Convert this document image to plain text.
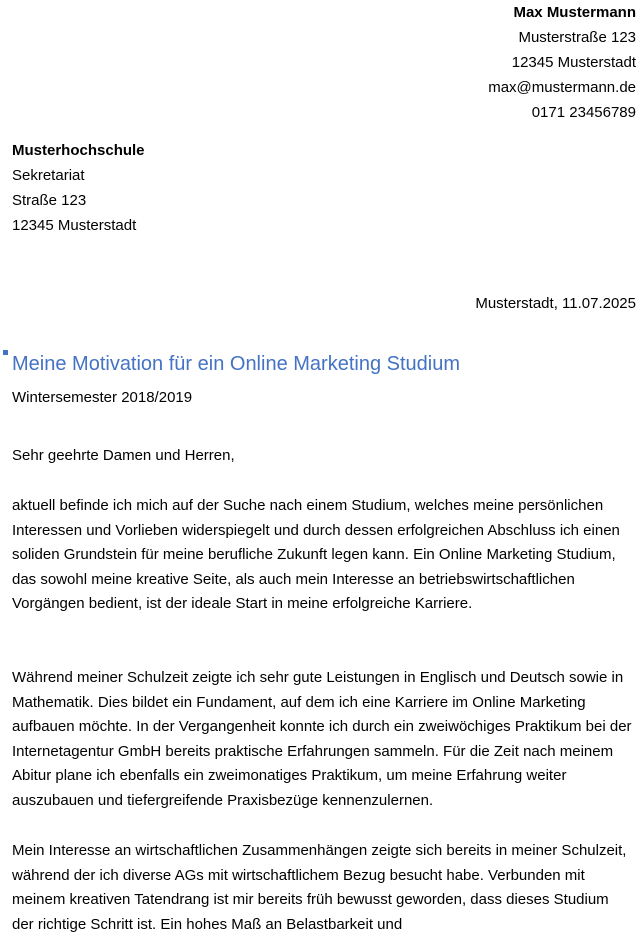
Max Mustermann
Musterstraße 123
12345 Musterstadt
max@mustermann.de
0171 23456789
Musterhochschule
Sekretariat
Straße 123
12345 Musterstadt
Musterstadt, 11.07.2025
Meine Motivation für ein Online Marketing Studium
Wintersemester 2018/2019
Sehr geehrte Damen und Herren,

aktuell befinde ich mich auf der Suche nach einem Studium, welches meine persönlichen Interessen und Vorlieben widerspiegelt und durch dessen erfolgreichen Abschluss ich einen soliden Grundstein für meine berufliche Zukunft legen kann. Ein Online Marketing Studium, das sowohl meine kreative Seite, als auch mein Interesse an betriebswirtschaftlichen Vorgängen bedient, ist der ideale Start in meine erfolgreiche Karriere.

Während meiner Schulzeit zeigte ich sehr gute Leistungen in Englisch und Deutsch sowie in Mathematik. Dies bildet ein Fundament, auf dem ich eine Karriere im Online Marketing aufbauen möchte. In der Vergangenheit konnte ich durch ein zweiwöchiges Praktikum bei der Internetagentur GmbH bereits praktische Erfahrungen sammeln. Für die Zeit nach meinem Abitur plane ich ebenfalls ein zweimonatiges Praktikum, um meine Erfahrung weiter auszubauen und tiefergreifende Praxisbezüge kennenzulernen.

Mein Interesse an wirtschaftlichen Zusammenhängen zeigte sich bereits in meiner Schulzeit, während der ich diverse AGs mit wirtschaftlichem Bezug besucht habe. Verbunden mit meinem kreativen Tatendrang ist mir bereits früh bewusst geworden, dass dieses Studium der richtige Schritt ist. Ein hohes Maß an Belastbarkeit und
